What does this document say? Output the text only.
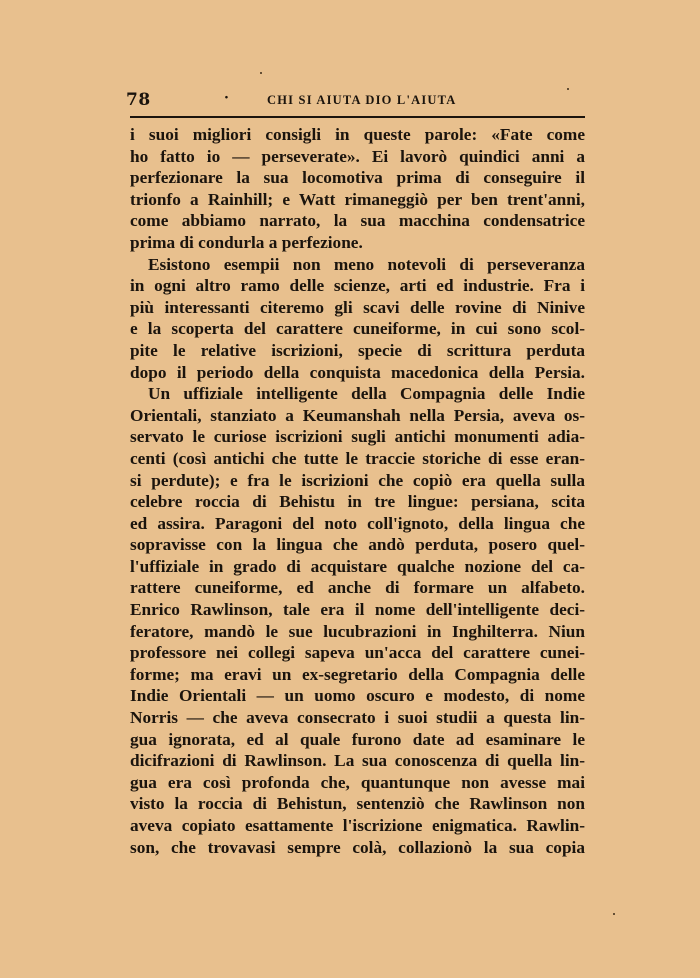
78	·	CHI SI AIUTA DIO L'AIUTA
i suoi migliori consigli in queste parole: «Fate come
ho fatto io — perseverate». Ei lavorò quindici anni a
perfezionare la sua locomotiva prima di conseguire il
trionfo a Rainhill; e Watt rimaneggiò per ben trent'anni,
come abbiamo narrato, la sua macchina condensatrice
prima di condurla a perfezione.
Esistono esempii non meno notevoli di perseveranza
in ogni altro ramo delle scienze, arti ed industrie. Fra i
più interessanti citeremo gli scavi delle rovine di Ninive
e la scoperta del carattere cuneiforme, in cui sono scol-
pite le relative iscrizioni, specie di scrittura perduta
dopo il periodo della conquista macedonica della Persia.
Un uffiziale intelligente della Compagnia delle Indie
Orientali, stanziato a Keumanshah nella Persia, aveva os-
servato le curiose iscrizioni sugli antichi monumenti adia-
centi (così antichi che tutte le traccie storiche di esse eran-
si perdute); e fra le iscrizioni che copiò era quella sulla
celebre roccia di Behistu in tre lingue: persiana, scita
ed assira. Paragoni del noto coll'ignoto, della lingua che
sopravisse con la lingua che andò perduta, posero quel-
l'uffiziale in grado di acquistare qualche nozione del ca-
rattere cuneiforme, ed anche di formare un alfabeto.
Enrico Rawlinson, tale era il nome dell'intelligente deci-
feratore, mandò le sue lucubrazioni in Inghilterra. Niun
professore nei collegi sapeva un'acca del carattere cunei-
forme; ma eravi un ex-segretario della Compagnia delle
Indie Orientali — un uomo oscuro e modesto, di nome
Norris — che aveva consecrato i suoi studii a questa lin-
gua ignorata, ed al quale furono date ad esaminare le
dicifrazioni di Rawlinson. La sua conoscenza di quella lin-
gua era così profonda che, quantunque non avesse mai
visto la roccia di Behistun, sentenziò che Rawlinson non
aveva copiato esattamente l'iscrizione enigmatica. Rawlin-
son, che trovavasi sempre colà, collazionò la sua copia
